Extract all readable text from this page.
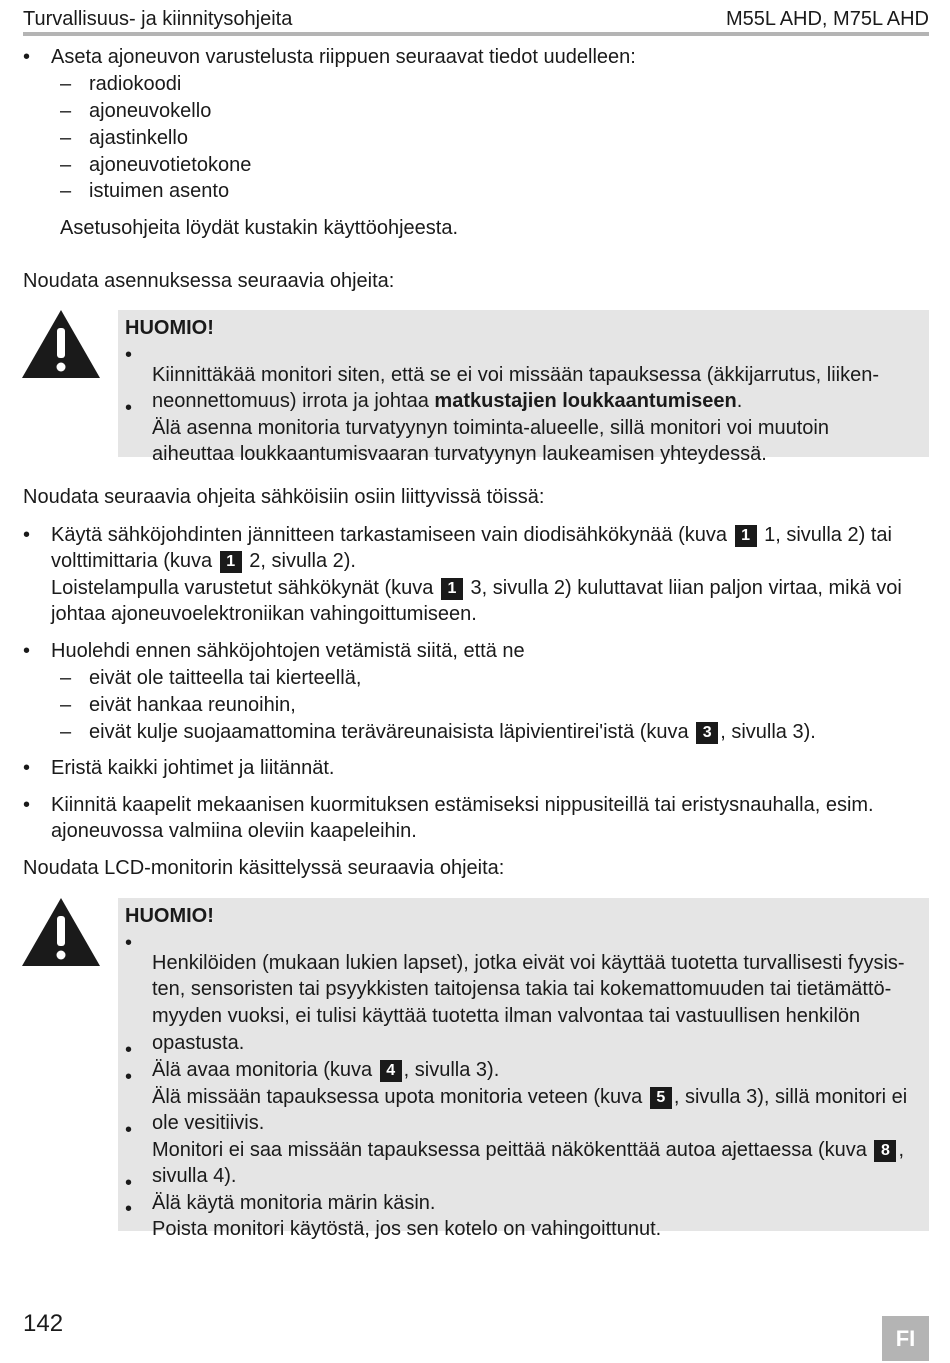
Turvallisuus- ja kiinnitysohjeita	M55L AHD, M75L AHD
• Aseta ajoneuvon varustelusta riippuen seuraavat tiedot uudelleen:

– radiokoodi

– ajoneuvokello

– ajastinkello

– ajoneuvotietokone

– istuimen asento

Asetusohjeita löydät kustakin käyttöohjeesta.

Noudata asennuksessa seuraavia ohjeita:

HUOMIO!
•

Kiinnittäkää monitori siten, että se ei voi missään tapauksessa (äkkijarrutus, liiken-

neonnettomuus) irrota ja johtaa matkustajien loukkaantumiseen.

•

Älä asenna monitoria turvatyynyn toiminta-alueelle, sillä monitori voi muutoin

aiheuttaa loukkaantumisvaaran turvatyynyn laukeamisen yhteydessä.

Noudata seuraavia ohjeita sähköisiin osiin liittyvissä töissä:

• Käytä sähköjohdinten jännitteen tarkastamiseen vain diodisähkökynää (kuva 1 1, sivulla 2) tai

volttimittaria (kuva 1 2, sivulla 2).

Loistelampulla varustetut sähkökynät (kuva 1 3, sivulla 2) kuluttavat liian paljon virtaa, mikä voi

johtaa ajoneuvoelektroniikan vahingoittumiseen.

• Huolehdi ennen sähköjohtojen vetämistä siitä, että ne

– eivät ole taitteella tai kierteellä,

– eivät hankaa reunoihin,

– eivät kulje suojaamattomina teräväreunaisista läpivientirei'istä (kuva 3 , sivulla 3).

• Eristä kaikki johtimet ja liitännät.

• Kiinnitä kaapelit mekaanisen kuormituksen estämiseksi nippusiteillä tai eristysnauhalla, esim.

ajoneuvossa valmiina oleviin kaapeleihin.

Noudata LCD-monitorin käsittelyssä seuraavia ohjeita:

HUOMIO!
•

Henkilöiden (mukaan lukien lapset), jotka eivät voi käyttää tuotetta turvallisesti fyysis-

ten, sensoristen tai psyykkisten taitojensa takia tai kokemattomuuden tai tietämättö-

myyden vuoksi, ei tulisi käyttää tuotetta ilman valvontaa tai vastuullisen henkilön

opastusta.

•

Älä avaa monitoria (kuva 4 , sivulla 3).

•

Älä missään tapauksessa upota monitoria veteen (kuva 5 , sivulla 3), sillä monitori ei

ole vesitiivis.

•

Monitori ei saa missään tapauksessa peittää näkökenttää autoa ajettaessa (kuva 8 ,

sivulla 4).

•

Älä käytä monitoria märin käsin.

•

Poista monitori käytöstä, jos sen kotelo on vahingoittunut.

142
FI
